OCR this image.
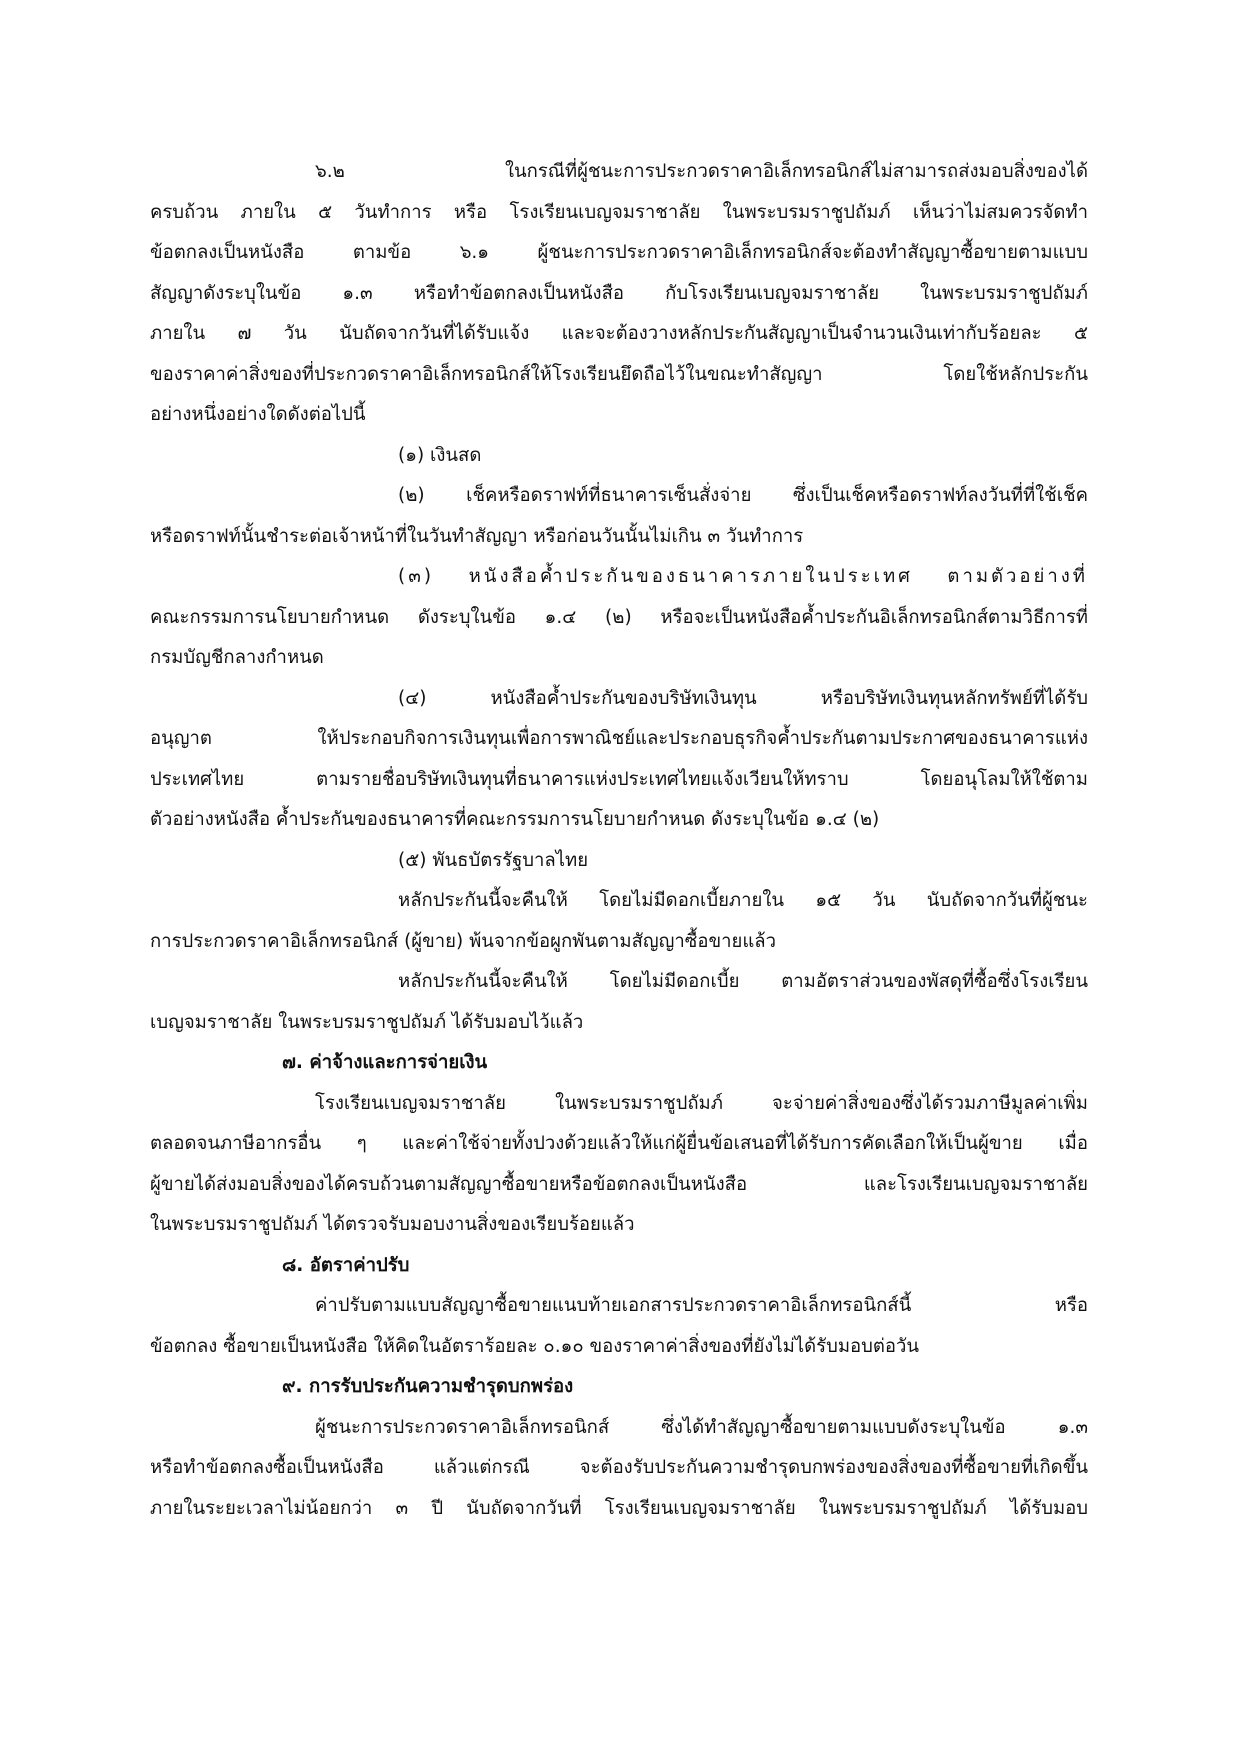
๖.๒ ในกรณีที่ผู้ชนะการประกวดราคาอิเล็กทรอนิกส์ไม่สามารถส่งมอบสิ่งของได้
ครบถ้วน ภายใน ๕ วันทำการ หรือ โรงเรียนเบญจมราชาลัย ในพระบรมราชูปถัมภ์ เห็นว่าไม่สมควรจัดทำ
ข้อตกลงเป็นหนังสือ ตามข้อ ๖.๑ ผู้ชนะการประกวดราคาอิเล็กทรอนิกส์จะต้องทำสัญญาซื้อขายตามแบบ
สัญญาดังระบุในข้อ ๑.๓ หรือทำข้อตกลงเป็นหนังสือ กับโรงเรียนเบญจมราชาลัย ในพระบรมราชูปถัมภ์
ภายใน ๗ วัน นับถัดจากวันที่ได้รับแจ้ง และจะต้องวางหลักประกันสัญญาเป็นจำนวนเงินเท่ากับร้อยละ ๕
ของราคาค่าสิ่งของที่ประกวดราคาอิเล็กทรอนิกส์ให้โรงเรียนยึดถือไว้ในขณะทำสัญญา โดยใช้หลักประกัน
อย่างหนึ่งอย่างใดดังต่อไปนี้
(๑) เงินสด
(๒) เช็คหรือดราฟท์ที่ธนาคารเซ็นสั่งจ่าย ซึ่งเป็นเช็คหรือดราฟท์ลงวันที่ที่ใช้เช็ค
หรือดราฟท์นั้นชำระต่อเจ้าหน้าที่ในวันทำสัญญา หรือก่อนวันนั้นไม่เกิน ๓ วันทำการ
(๓) หนังสือค้ำประกันของธนาคารภายในประเทศ ตามตัวอย่างที่
คณะกรรมการนโยบายกำหนด ดังระบุในข้อ ๑.๔ (๒) หรือจะเป็นหนังสือค้ำประกันอิเล็กทรอนิกส์ตามวิธีการที่
กรมบัญชีกลางกำหนด
(๔) หนังสือค้ำประกันของบริษัทเงินทุน หรือบริษัทเงินทุนหลักทรัพย์ที่ได้รับ
อนุญาต ให้ประกอบกิจการเงินทุนเพื่อการพาณิชย์และประกอบธุรกิจค้ำประกันตามประกาศของธนาคารแห่ง
ประเทศไทย ตามรายชื่อบริษัทเงินทุนที่ธนาคารแห่งประเทศไทยแจ้งเวียนให้ทราบ โดยอนุโลมให้ใช้ตาม
ตัวอย่างหนังสือ ค้ำประกันของธนาคารที่คณะกรรมการนโยบายกำหนด ดังระบุในข้อ ๑.๔ (๒)
(๕) พันธบัตรรัฐบาลไทย
หลักประกันนี้จะคืนให้ โดยไม่มีดอกเบี้ยภายใน ๑๕ วัน นับถัดจากวันที่ผู้ชนะ
การประกวดราคาอิเล็กทรอนิกส์ (ผู้ขาย) พ้นจากข้อผูกพันตามสัญญาซื้อขายแล้ว
หลักประกันนี้จะคืนให้ โดยไม่มีดอกเบี้ย ตามอัตราส่วนของพัสดุที่ซื้อซึ่งโรงเรียน
เบญจมราชาลัย ในพระบรมราชูปถัมภ์ ได้รับมอบไว้แล้ว
๗. ค่าจ้างและการจ่ายเงิน
โรงเรียนเบญจมราชาลัย ในพระบรมราชูปถัมภ์ จะจ่ายค่าสิ่งของซึ่งได้รวมภาษีมูลค่าเพิ่ม
ตลอดจนภาษีอากรอื่น ๆ และค่าใช้จ่ายทั้งปวงด้วยแล้วให้แก่ผู้ยื่นข้อเสนอที่ได้รับการคัดเลือกให้เป็นผู้ขาย เมื่อ
ผู้ขายได้ส่งมอบสิ่งของได้ครบถ้วนตามสัญญาซื้อขายหรือข้อตกลงเป็นหนังสือ และโรงเรียนเบญจมราชาลัย
ในพระบรมราชูปถัมภ์ ได้ตรวจรับมอบงานสิ่งของเรียบร้อยแล้ว
๘. อัตราค่าปรับ
ค่าปรับตามแบบสัญญาซื้อขายแนบท้ายเอกสารประกวดราคาอิเล็กทรอนิกส์นี้ หรือ
ข้อตกลง ซื้อขายเป็นหนังสือ ให้คิดในอัตราร้อยละ ๐.๑๐ ของราคาค่าสิ่งของที่ยังไม่ได้รับมอบต่อวัน
๙. การรับประกันความชำรุดบกพร่อง
ผู้ชนะการประกวดราคาอิเล็กทรอนิกส์ ซึ่งได้ทำสัญญาซื้อขายตามแบบดังระบุในข้อ ๑.๓
หรือทำข้อตกลงซื้อเป็นหนังสือ แล้วแต่กรณี จะต้องรับประกันความชำรุดบกพร่องของสิ่งของที่ซื้อขายที่เกิดขึ้น
ภายในระยะเวลาไม่น้อยกว่า ๓ ปี นับถัดจากวันที่ โรงเรียนเบญจมราชาลัย ในพระบรมราชูปถัมภ์ ได้รับมอบ
